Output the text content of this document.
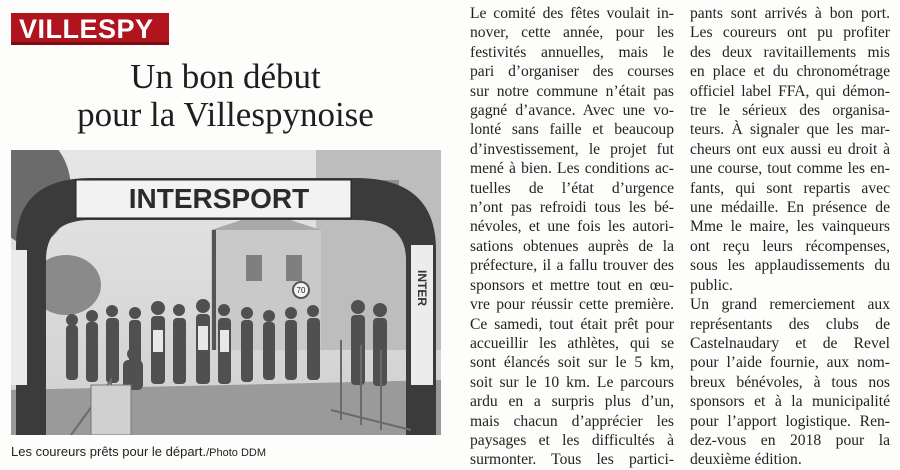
VILLESPY
Un bon début
pour la Villespynoise
70
INTERSPORT
INTER
Les coureurs prêts pour le départ./Photo DDM
Le comité des fêtes voulait in-
nover, cette année, pour les
festivités annuelles, mais le
pari d’organiser des courses
sur notre commune n’était pas
gagné d’avance. Avec une vo-
lonté sans faille et beaucoup
d’investissement, le projet fut
mené à bien. Les conditions ac-
tuelles de l’état d’urgence
n’ont pas refroidi tous les bé-
névoles, et une fois les autori-
sations obtenues auprès de la
préfecture, il a fallu trouver des
sponsors et mettre tout en œu-
vre pour réussir cette première.
Ce samedi, tout était prêt pour
accueillir les athlètes, qui se
sont élancés soit sur le 5 km,
soit sur le 10 km. Le parcours
ardu en a surpris plus d’un,
mais chacun d’apprécier les
paysages et les difficultés à
surmonter. Tous les partici-
pants sont arrivés à bon port.
Les coureurs ont pu profiter
des deux ravitaillements mis
en place et du chronométrage
officiel label FFA, qui démon-
tre le sérieux des organisa-
teurs. À signaler que les mar-
cheurs ont eux aussi eu droit à
une course, tout comme les en-
fants, qui sont repartis avec
une médaille. En présence de
Mme le maire, les vainqueurs
ont reçu leurs récompenses,
sous les applaudissements du
public.
Un grand remerciement aux
représentants des clubs de
Castelnaudary et de Revel
pour l’aide fournie, aux nom-
breux bénévoles, à tous nos
sponsors et à la municipalité
pour l’apport logistique. Ren-
dez-vous en 2018 pour la
deuxième édition.
